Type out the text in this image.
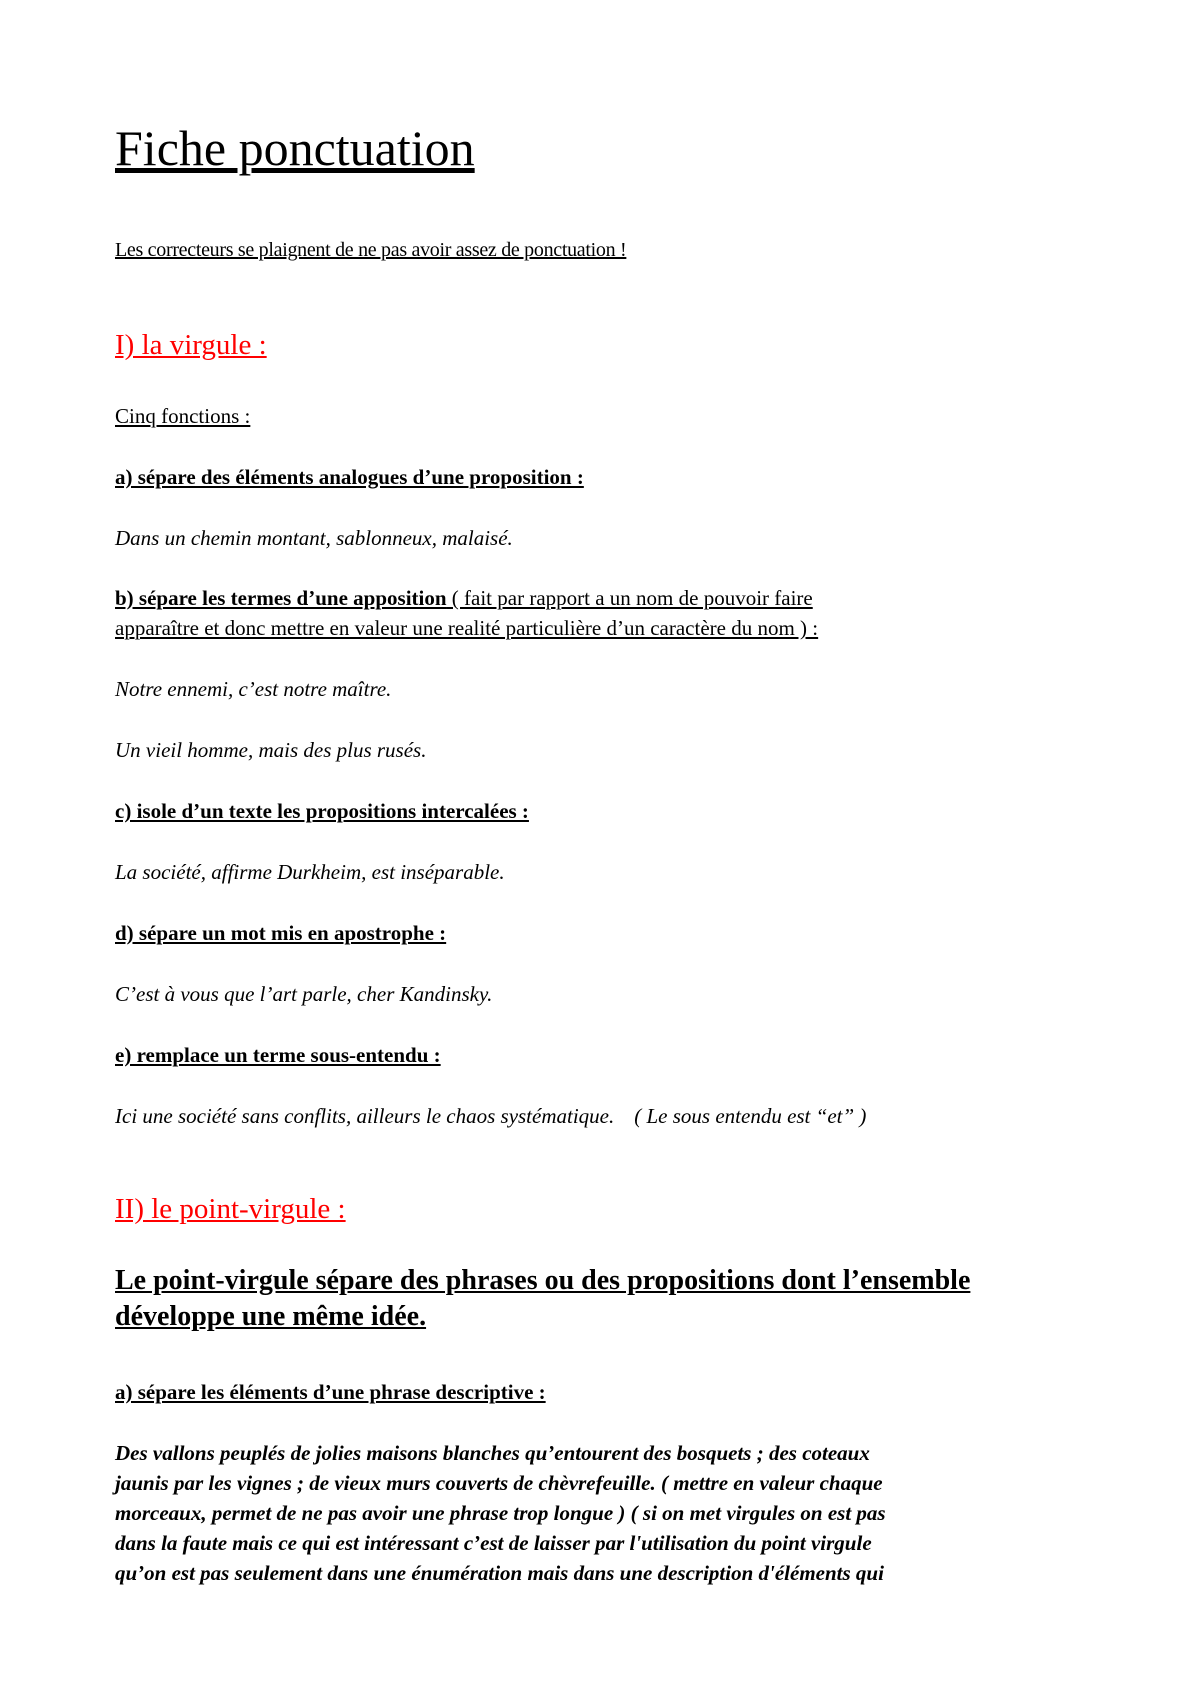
Fiche ponctuation
Les correcteurs se plaignent de ne pas avoir assez de ponctuation !
I) la virgule :
Cinq fonctions :
a) sépare des éléments analogues d’une proposition :
Dans un chemin montant, sablonneux, malaisé.
b) sépare les termes d’une apposition ( fait par rapport a un nom de pouvoir faire
apparaître et donc mettre en valeur une realité particulière d’un caractère du nom ) :
Notre ennemi, c’est notre maître.
Un vieil homme, mais des plus rusés.
c) isole d’un texte les propositions intercalées :
La société, affirme Durkheim, est inséparable.
d) sépare un mot mis en apostrophe :
C’est à vous que l’art parle, cher Kandinsky.
e) remplace un terme sous-entendu :
Ici une société sans conflits, ailleurs le chaos systématique. ( Le sous entendu est “et” )
II) le point-virgule :
Le point-virgule sépare des phrases ou des propositions dont l’ensemble
développe une même idée.
a) sépare les éléments d’une phrase descriptive :
Des vallons peuplés de jolies maisons blanches qu’entourent des bosquets ; des coteaux
jaunis par les vignes ; de vieux murs couverts de chèvrefeuille. ( mettre en valeur chaque
morceaux, permet de ne pas avoir une phrase trop longue ) ( si on met virgules on est pas
dans la faute mais ce qui est intéressant c’est de laisser par l'utilisation du point virgule
qu’on est pas seulement dans une énumération mais dans une description d'éléments qui
